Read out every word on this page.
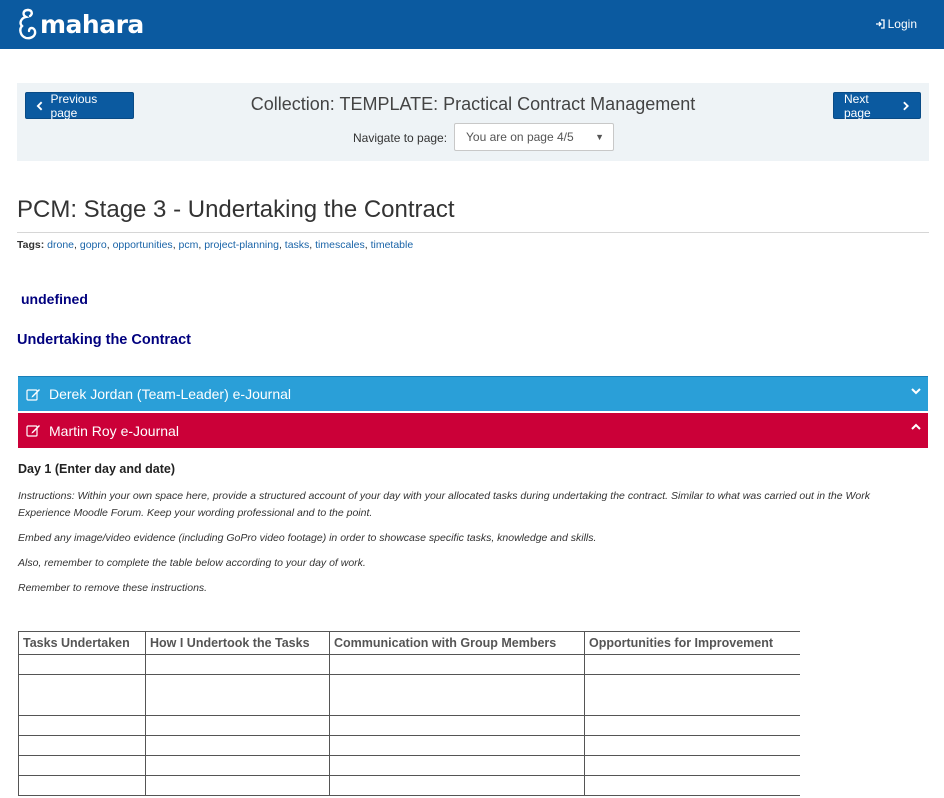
mahara	Login
Previous page	Collection: TEMPLATE: Practical Contract Management	Next page
Navigate to page:	You are on page 4/5 ▼
PCM: Stage 3 - Undertaking the Contract
Tags: drone, gopro, opportunities, pcm, project-planning, tasks, timescales, timetable
undefined
Undertaking the Contract
Derek Jordan (Team-Leader) e-Journal
Martin Roy e-Journal
Day 1 (Enter day and date)
Instructions: Within your own space here, provide a structured account of your day with your allocated tasks during undertaking the contract. Similar to what was carried out in the Work Experience Moodle Forum. Keep your wording professional and to the point.
Embed any image/video evidence (including GoPro video footage) in order to showcase specific tasks, knowledge and skills.
Also, remember to complete the table below according to your day of work.
Remember to remove these instructions.
Tasks Undertaken	How I Undertook the Tasks	Communication with Group Members	Opportunities for Improvement
